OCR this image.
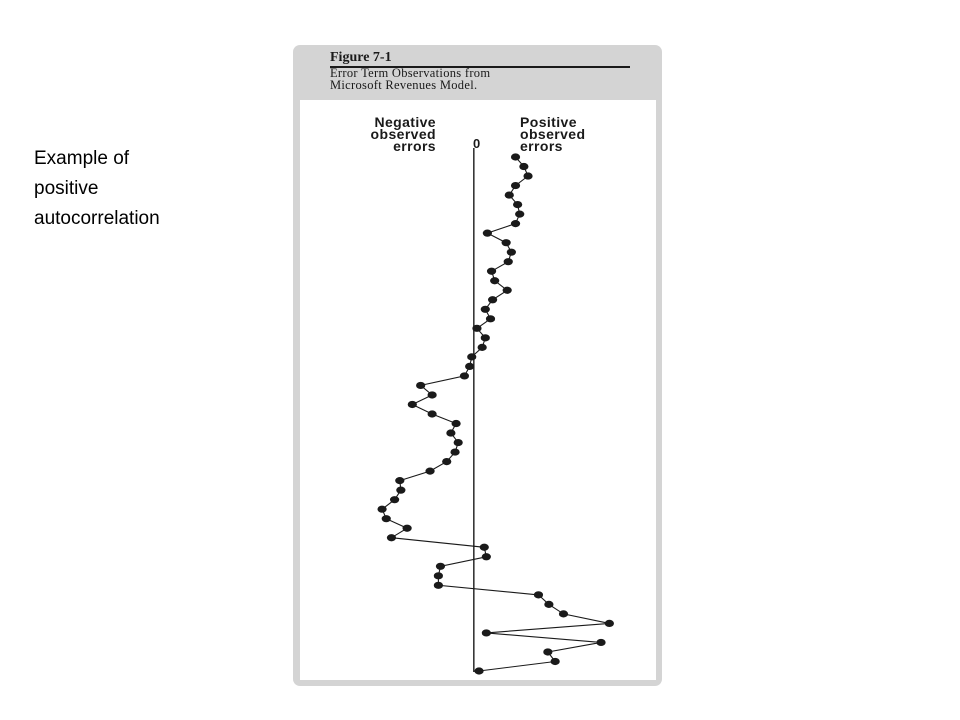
Example of
positive
autocorrelation
Figure 7-1
Error Term Observations from
Microsoft Revenues Model.
Negative
observed
errors	0
Positive
observed
errors
